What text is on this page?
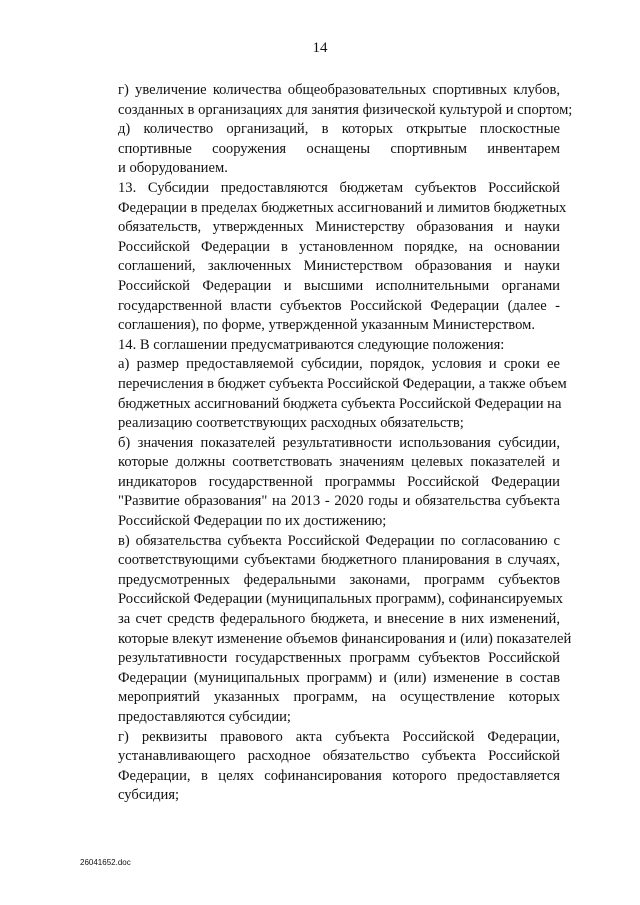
14

г) увеличение количества общеобразовательных спортивных клубов,
созданных в организациях для занятия физической культурой и спортом;

д) количество организаций, в которых открытые плоскостные
спортивные сооружения оснащены спортивным инвентарем
и оборудованием.

13. Субсидии предоставляются бюджетам субъектов Российской
Федерации в пределах бюджетных ассигнований и лимитов бюджетных
обязательств, утвержденных Министерству образования и науки
Российской Федерации в установленном порядке, на основании
соглашений, заключенных Министерством образования и науки
Российской Федерации и высшими исполнительными органами
государственной власти субъектов Российской Федерации (далее -
соглашения), по форме, утвержденной указанным Министерством.

14. В соглашении предусматриваются следующие положения:

а) размер предоставляемой субсидии, порядок, условия и сроки ее
перечисления в бюджет субъекта Российской Федерации, а также объем
бюджетных ассигнований бюджета субъекта Российской Федерации на
реализацию соответствующих расходных обязательств;

б) значения показателей результативности использования субсидии,
которые должны соответствовать значениям целевых показателей и
индикаторов государственной программы Российской Федерации
"Развитие образования" на 2013 - 2020 годы и обязательства субъекта
Российской Федерации по их достижению;

в) обязательства субъекта Российской Федерации по согласованию с
соответствующими субъектами бюджетного планирования в случаях,
предусмотренных федеральными законами, программ субъектов
Российской Федерации (муниципальных программ), софинансируемых
за счет средств федерального бюджета, и внесение в них изменений,
которые влекут изменение объемов финансирования и (или) показателей
результативности государственных программ субъектов Российской
Федерации (муниципальных программ) и (или) изменение в состав
мероприятий указанных программ, на осуществление которых
предоставляются субсидии;

г) реквизиты правового акта субъекта Российской Федерации,
устанавливающего расходное обязательство субъекта Российской
Федерации, в целях софинансирования которого предоставляется
субсидия;

26041652.doc
